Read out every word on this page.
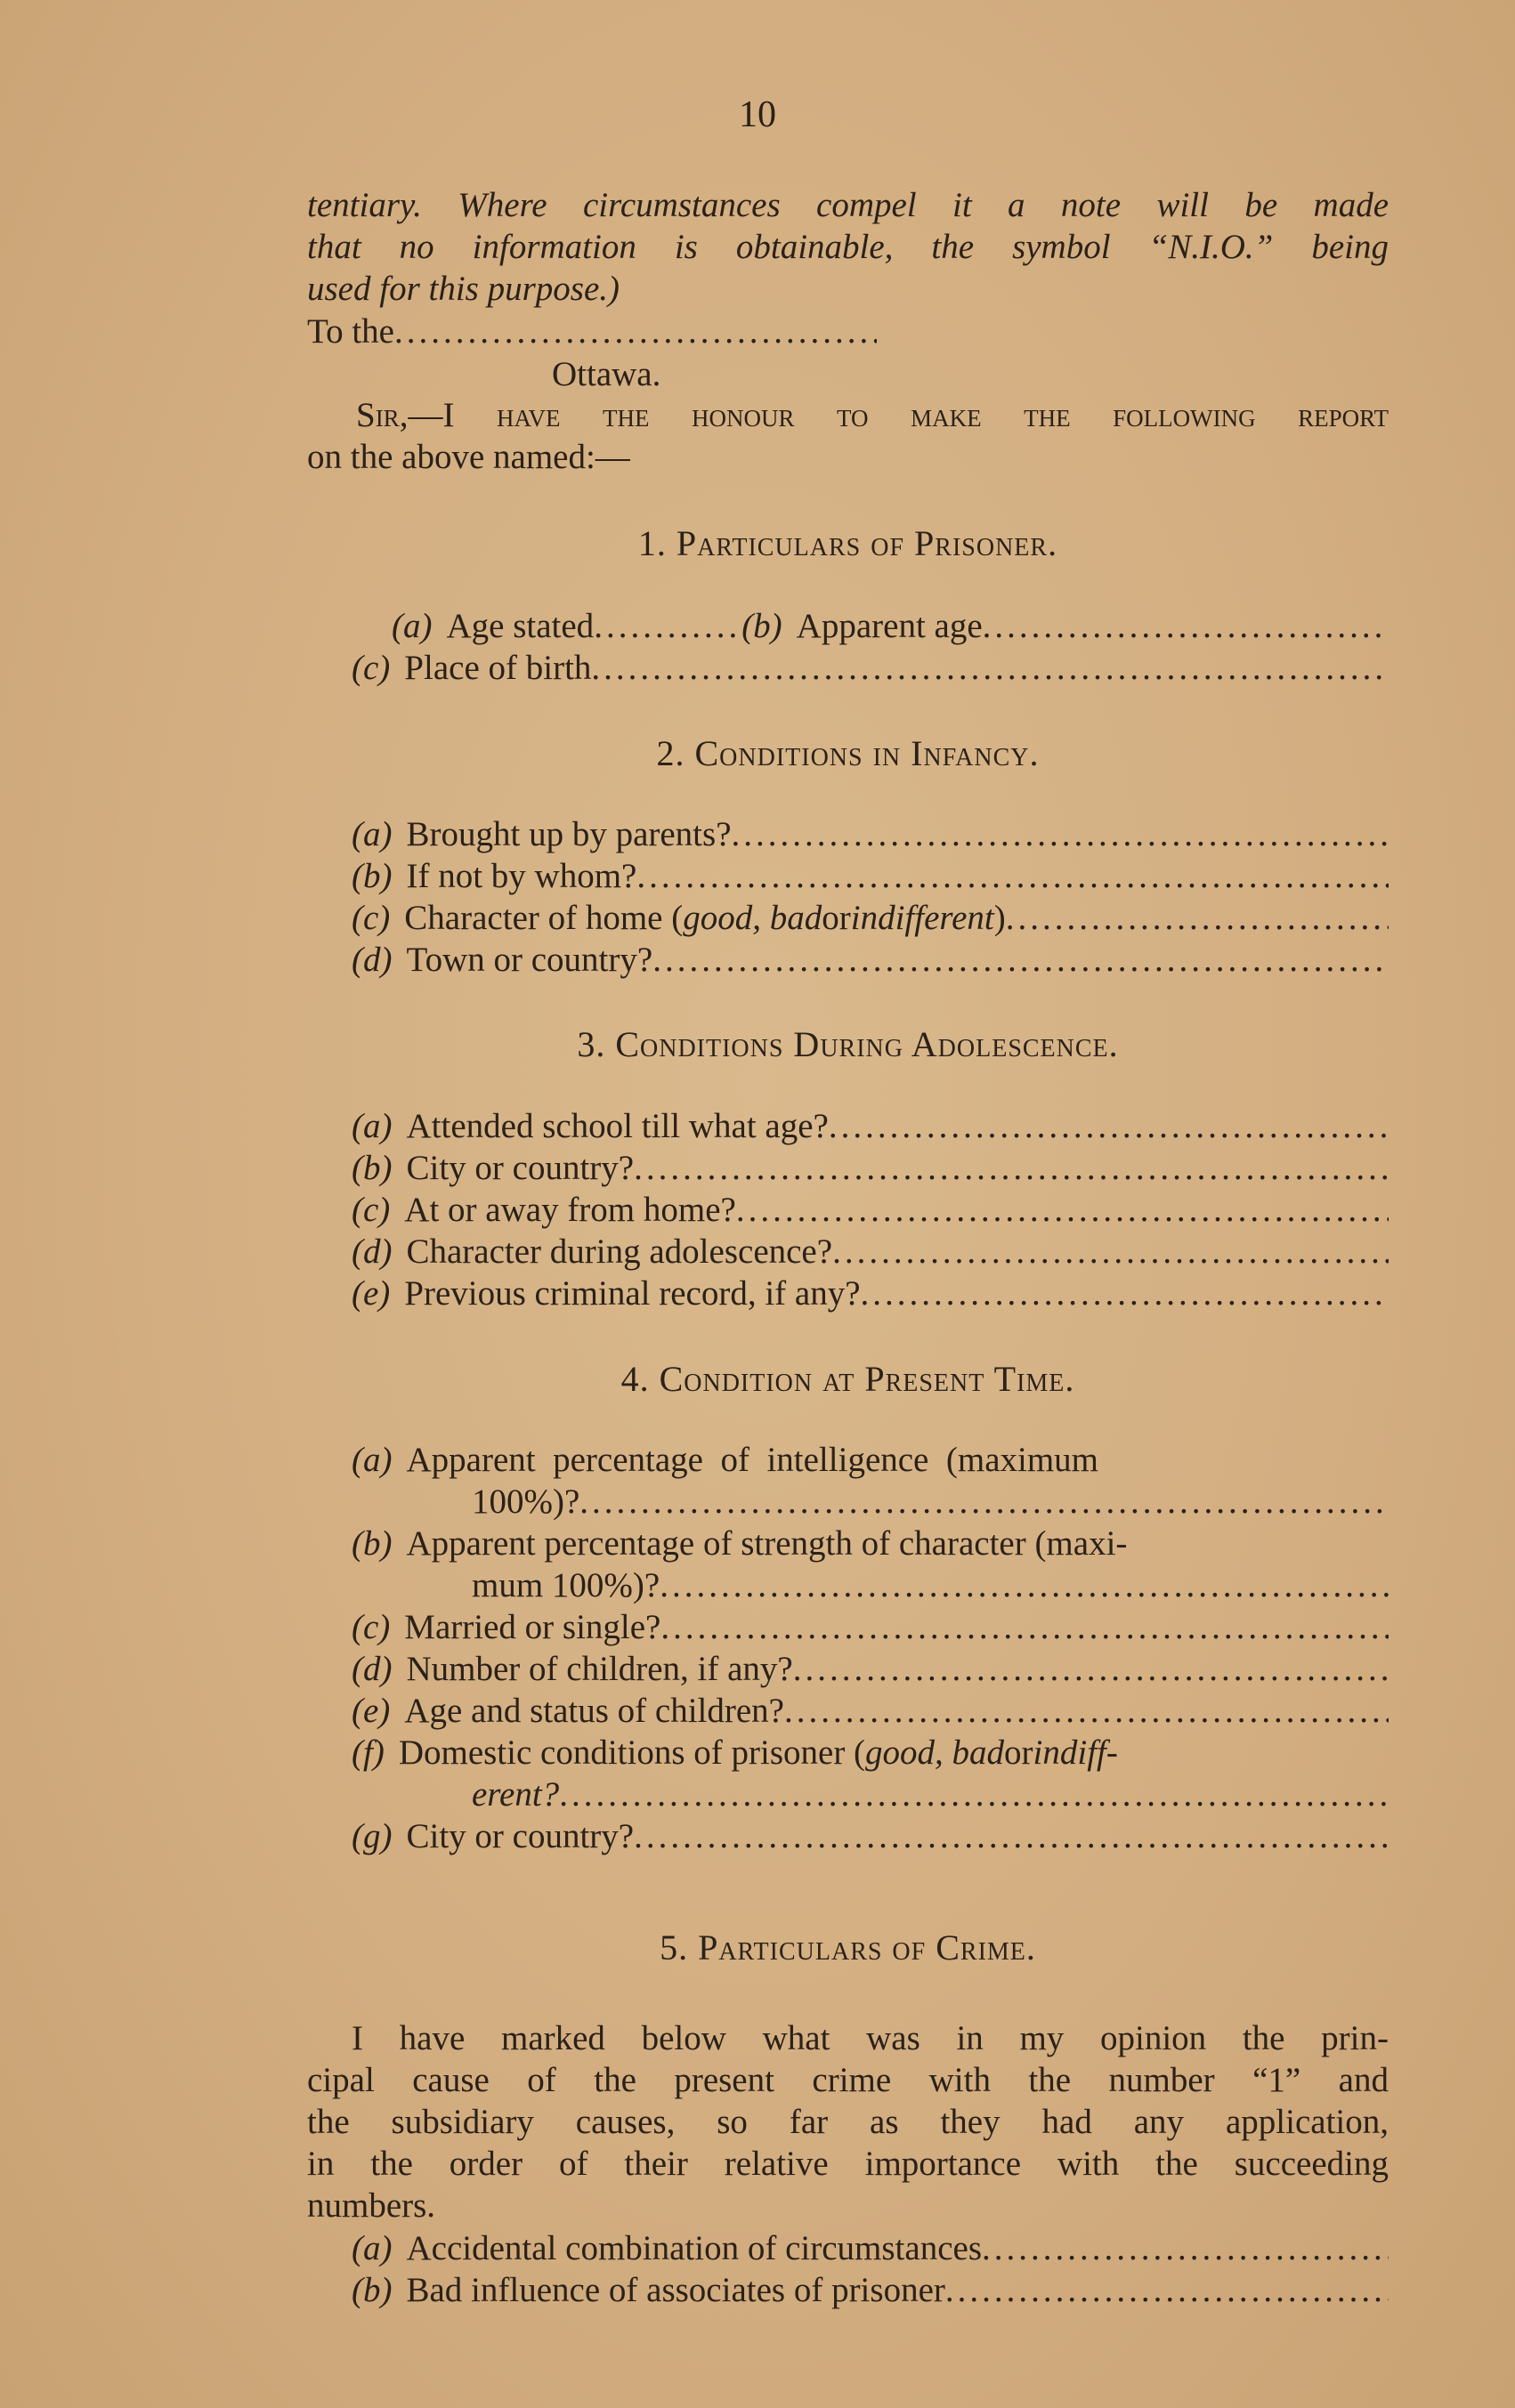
10
tentiary. Where circumstances compel it a note will be made
that no information is obtainable, the symbol “N.I.O.” being
used for this purpose.)
To the
.....
Ottawa.
Sir,—I have the honour to make the following report
on the above named:—
1. Particulars of Prisoner.
(a) Age stated
.....	(b) Apparent age
.....
(c) Place of birth
.....
2. Conditions in Infancy.
(a) Brought up by parents?
.....
(b) If not by whom?
.....
(c) Character of home ( good, bad or indifferent )
.....
(d) Town or country?
.....
3. Conditions During Adolescence.
(a) Attended school till what age?
.....
(b) City or country?
.....
(c) At or away from home?
.....
(d) Character during adolescence?
.....
(e) Previous criminal record, if any?
.....
4. Condition at Present Time.
(a) Apparent  percentage  of  intelligence  (maximum
100%)?
.....
(b) Apparent percentage of strength of character (maxi-
mum 100%)?
.....
(c) Married or single?
.....
(d) Number of children, if any?
.....
(e) Age and status of children?
.....
(f) Domestic conditions of prisoner ( good, bad or indiff-
erent?
.....
(g) City or country?
.....
5. Particulars of Crime.
I have marked below what was in my opinion the prin-
cipal cause of the present crime with the number “1” and
the subsidiary causes, so far as they had any application,
in the order of their relative importance with the succeeding
numbers.
(a) Accidental combination of circumstances
.....
(b) Bad influence of associates of prisoner
.....
